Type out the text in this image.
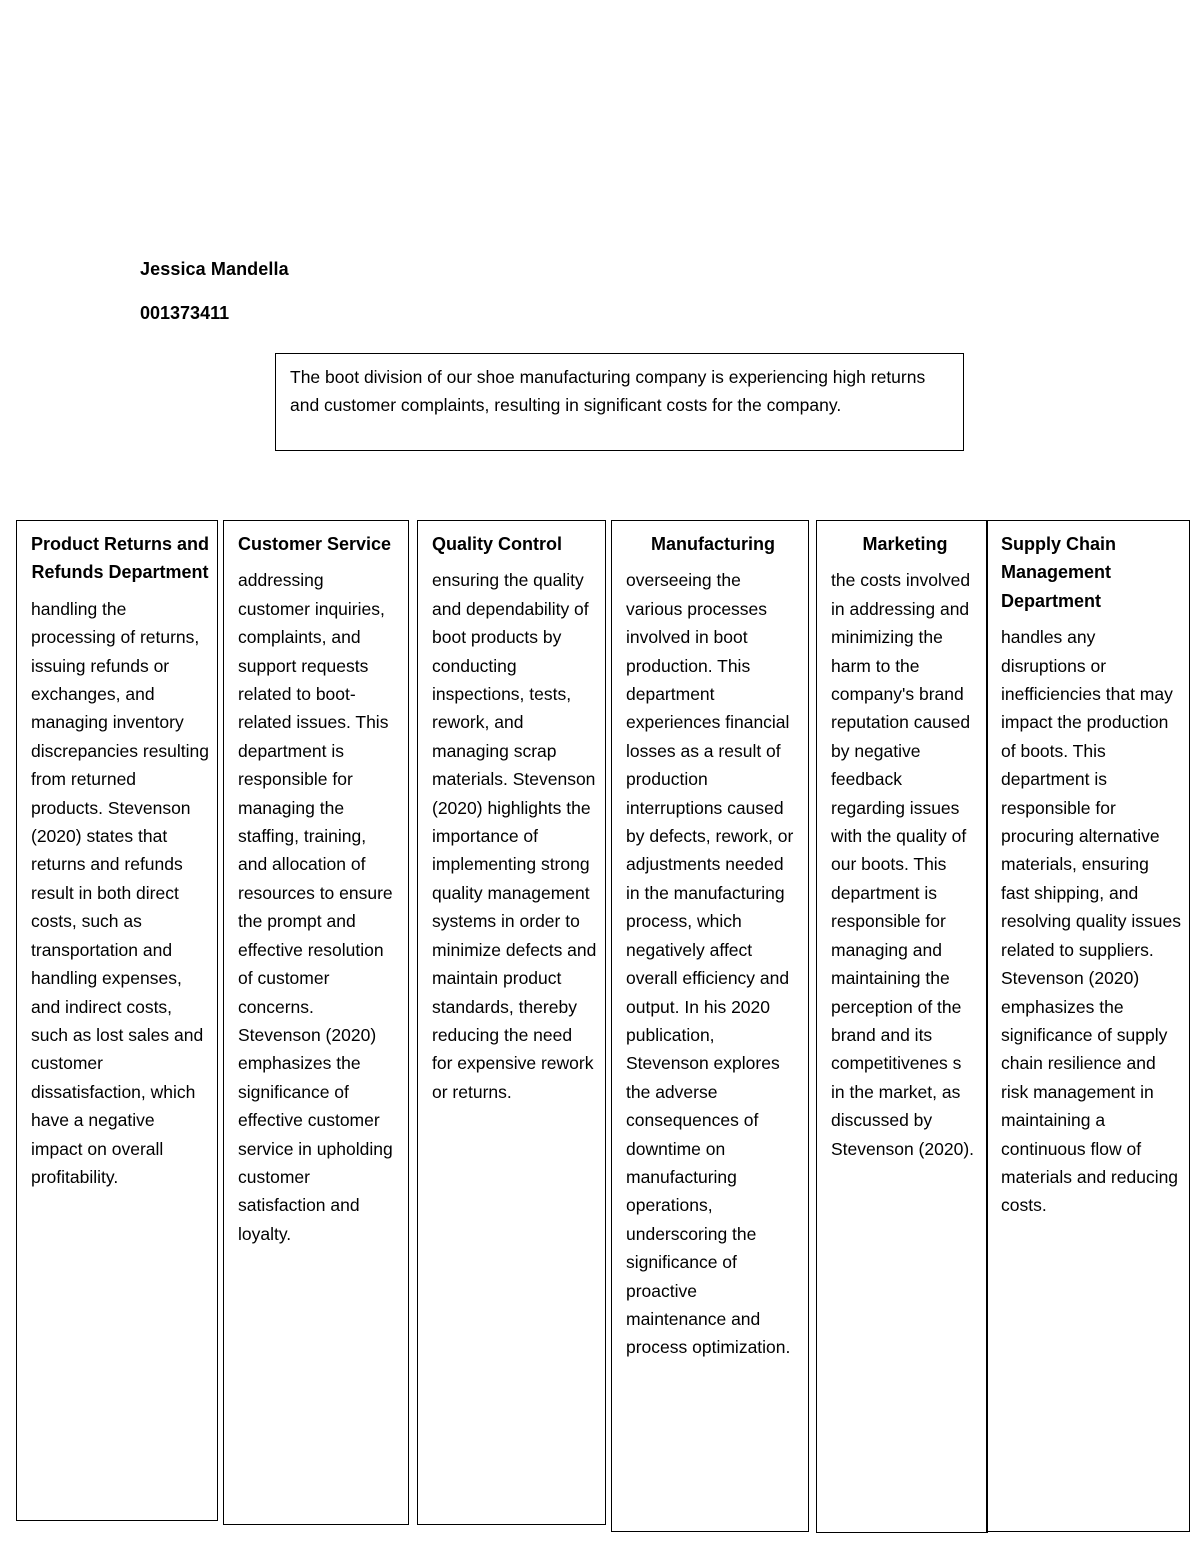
Jessica Mandella
001373411
The boot division of our shoe manufacturing company is experiencing high returns and customer complaints, resulting in significant costs for the company.
Product Returns and Refunds Department

handling the processing of returns, issuing refunds or exchanges, and managing inventory discrepancies resulting from returned products. Stevenson (2020) states that returns and refunds result in both direct costs, such as transportation and handling expenses, and indirect costs, such as lost sales and customer dissatisfaction, which have a negative impact on overall profitability.

Customer Service

addressing customer inquiries, complaints, and support requests related to boot-related issues. This department is responsible for managing the staffing, training, and allocation of resources to ensure the prompt and effective resolution of customer concerns. Stevenson (2020) emphasizes the significance of effective customer service in upholding customer satisfaction and loyalty.

Quality Control

ensuring the quality and dependability of boot products by conducting inspections, tests, rework, and managing scrap materials. Stevenson (2020) highlights the importance of implementing strong quality management systems in order to minimize defects and maintain product standards, thereby reducing the need for expensive rework or returns.

Manufacturing

overseeing the various processes involved in boot production. This department experiences financial losses as a result of production interruptions caused by defects, rework, or adjustments needed in the manufacturing process, which negatively affect overall efficiency and output. In his 2020 publication, Stevenson explores the adverse consequences of downtime on manufacturing operations, underscoring the significance of proactive maintenance and process optimization.

Marketing

the costs involved in addressing and minimizing the harm to the company's brand reputation caused by negative feedback regarding issues with the quality of our boots. This department is responsible for managing and maintaining the perception of the brand and its competitivenes s in the market, as discussed by Stevenson (2020).

Supply Chain Management Department

handles any disruptions or inefficiencies that may impact the production of boots. This department is responsible for procuring alternative materials, ensuring fast shipping, and resolving quality issues related to suppliers. Stevenson (2020) emphasizes the significance of supply chain resilience and risk management in maintaining a continuous flow of materials and reducing costs.
